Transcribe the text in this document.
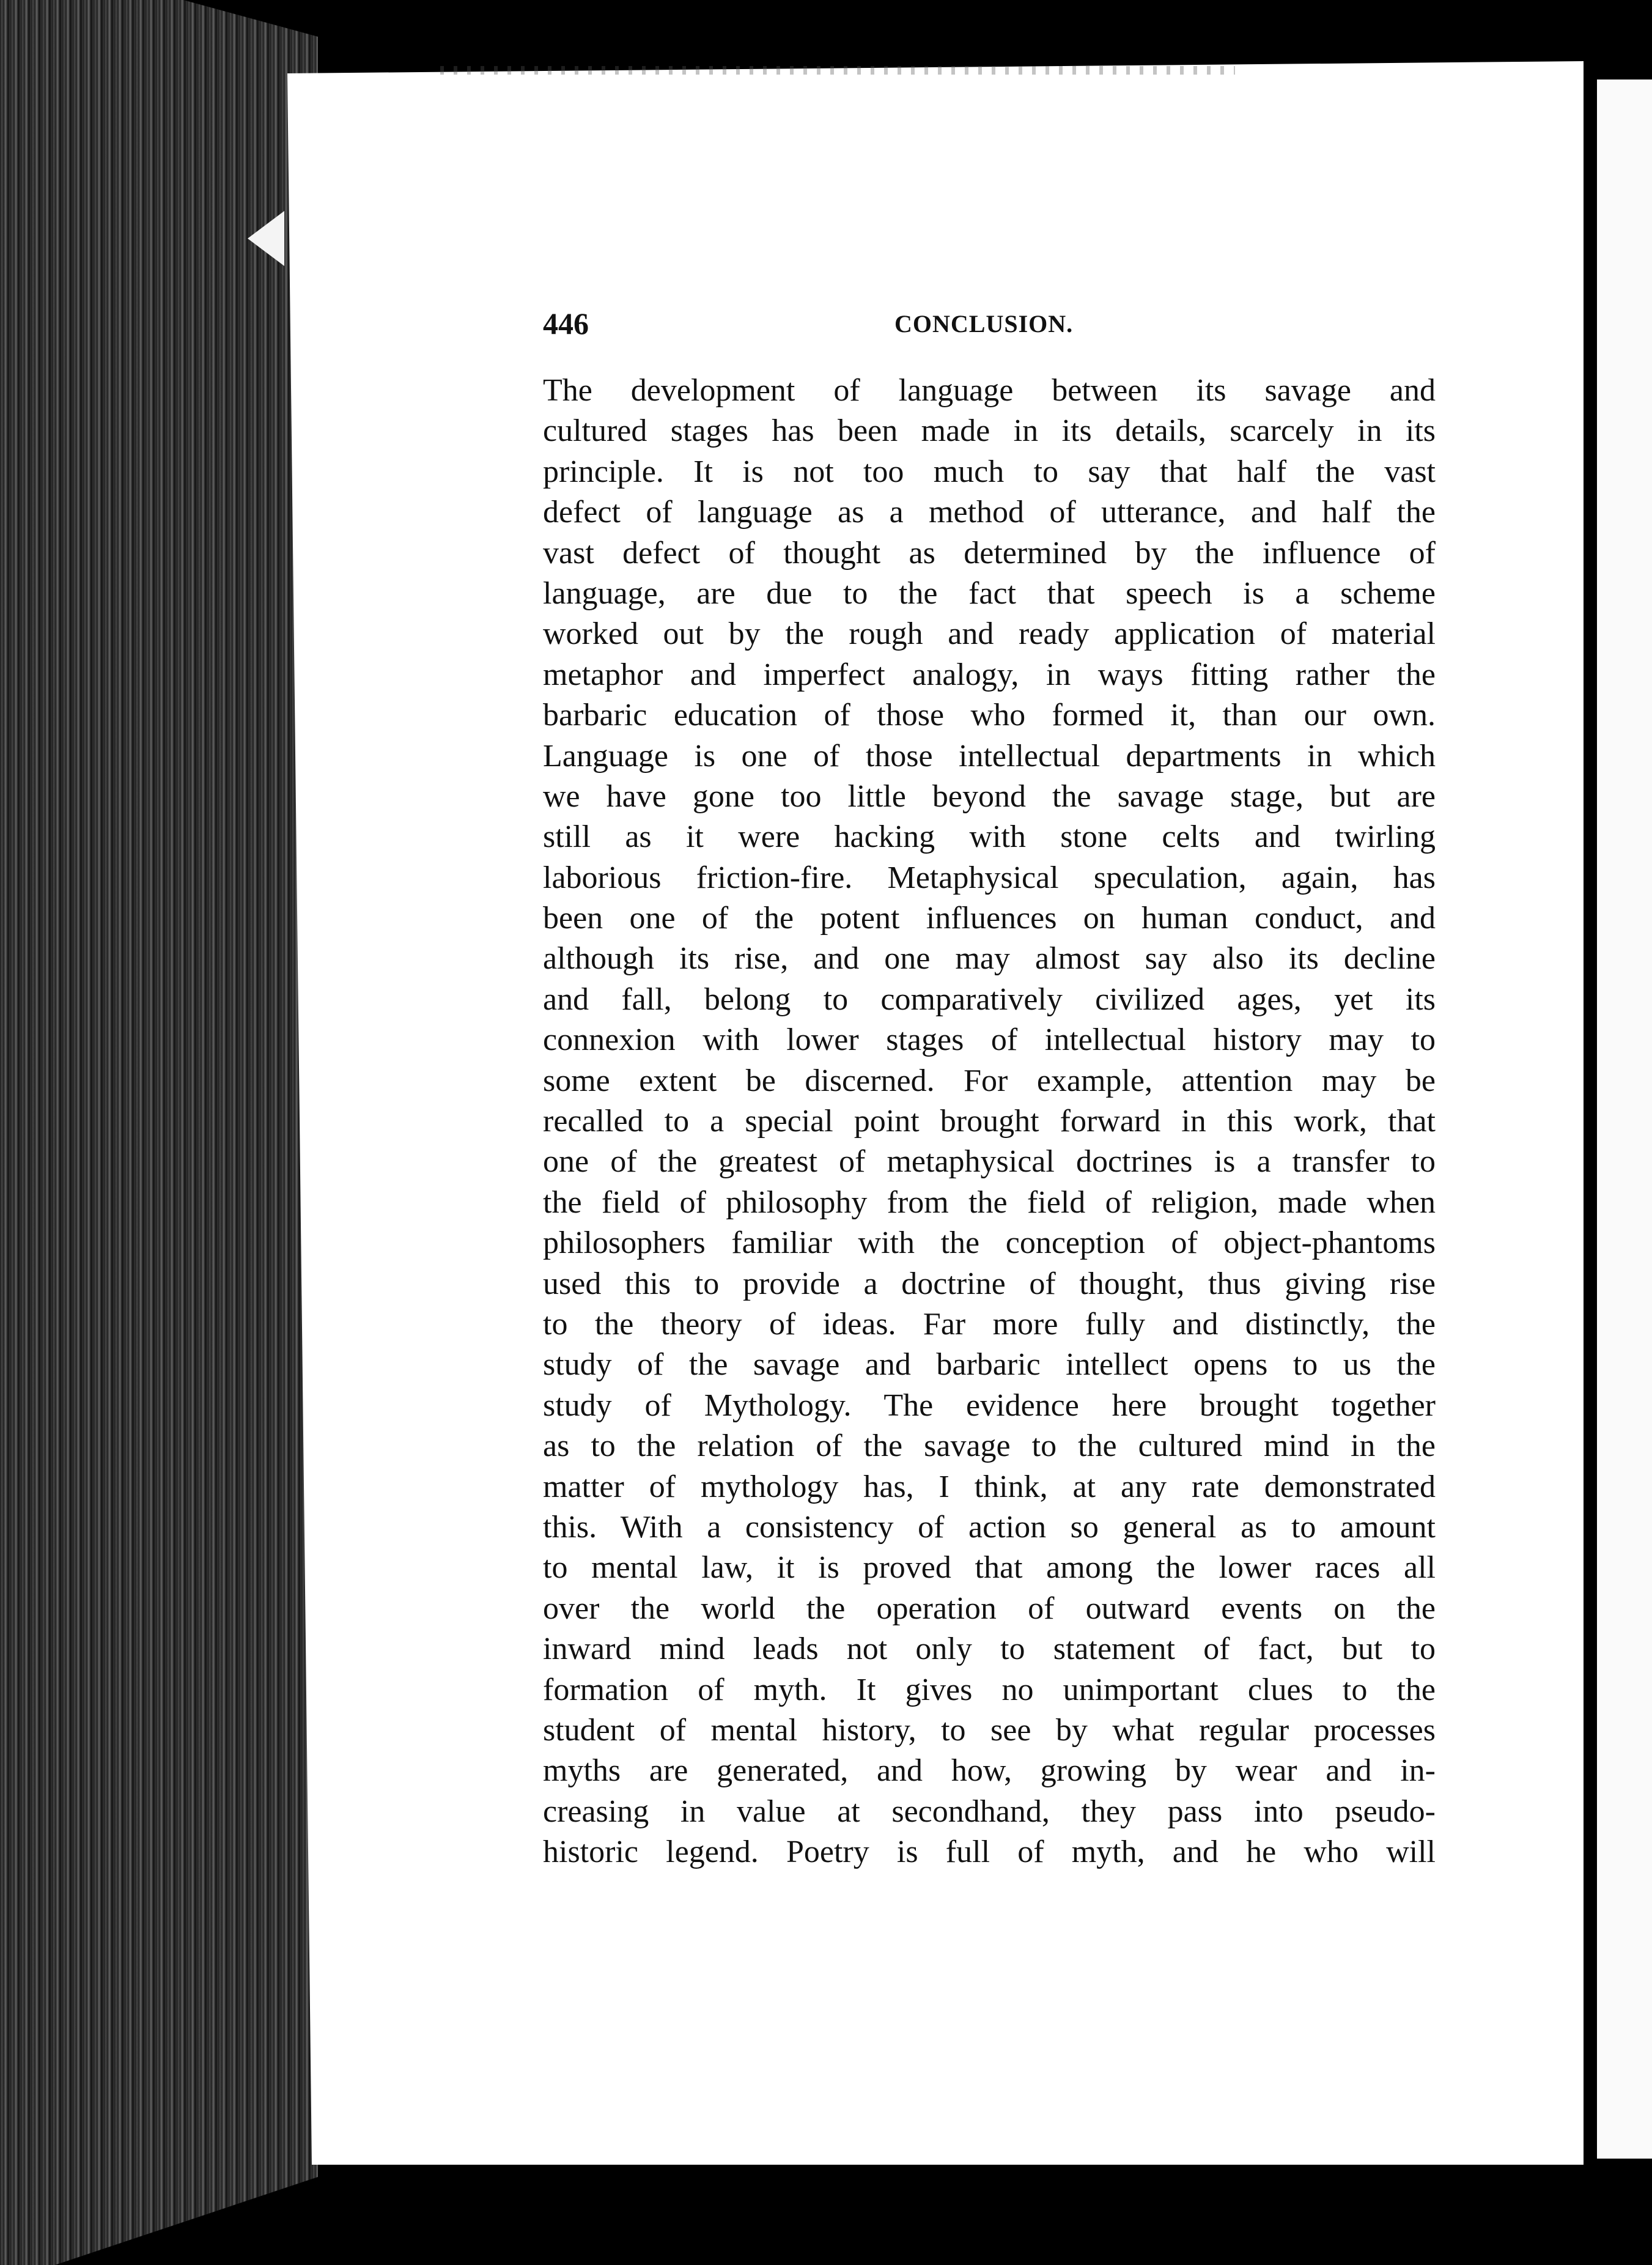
446	CONCLUSION.
The development of language between its savage and
cultured stages has been made in its details, scarcely in its
principle. It is not too much to say that half the vast
defect of language as a method of utterance, and half the
vast defect of thought as determined by the influence of
language, are due to the fact that speech is a scheme
worked out by the rough and ready application of material
metaphor and imperfect analogy, in ways fitting rather the
barbaric education of those who formed it, than our own.
Language is one of those intellectual departments in which
we have gone too little beyond the savage stage, but are
still as it were hacking with stone celts and twirling
laborious friction-fire. Metaphysical speculation, again, has
been one of the potent influences on human conduct, and
although its rise, and one may almost say also its decline
and fall, belong to comparatively civilized ages, yet its
connexion with lower stages of intellectual history may to
some extent be discerned. For example, attention may be
recalled to a special point brought forward in this work, that
one of the greatest of metaphysical doctrines is a transfer to
the field of philosophy from the field of religion, made when
philosophers familiar with the conception of object-phantoms
used this to provide a doctrine of thought, thus giving rise
to the theory of ideas. Far more fully and distinctly, the
study of the savage and barbaric intellect opens to us the
study of Mythology. The evidence here brought together
as to the relation of the savage to the cultured mind in the
matter of mythology has, I think, at any rate demonstrated
this. With a consistency of action so general as to amount
to mental law, it is proved that among the lower races all
over the world the operation of outward events on the
inward mind leads not only to statement of fact, but to
formation of myth. It gives no unimportant clues to the
student of mental history, to see by what regular processes
myths are generated, and how, growing by wear and in-
creasing in value at secondhand, they pass into pseudo-
historic legend. Poetry is full of myth, and he who will
